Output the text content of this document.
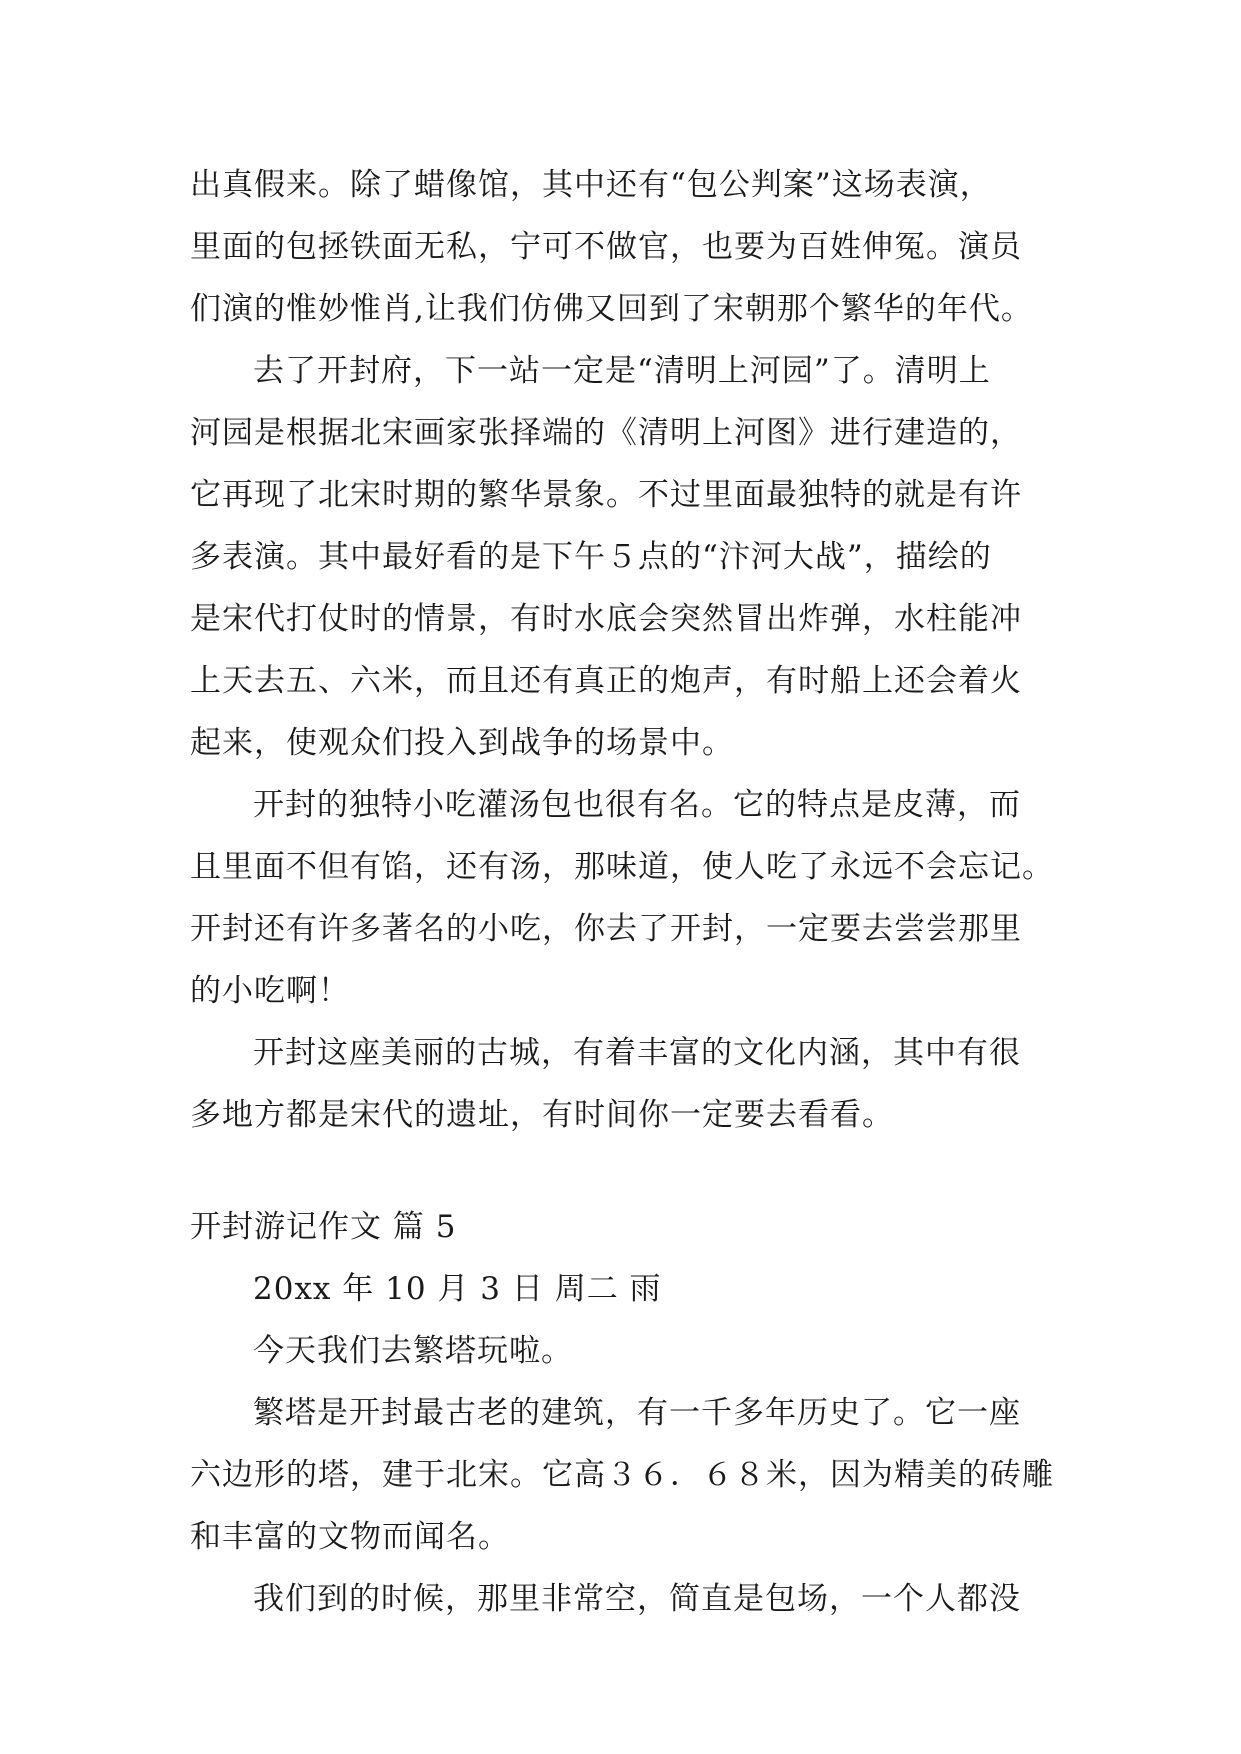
出真假来。除了蜡像馆，其中还有“包公判案”这场表演，
里面的包拯铁面无私，宁可不做官，也要为百姓伸冤。演员
们演的惟妙惟肖,让我们仿佛又回到了宋朝那个繁华的年代。
去了开封府，下一站一定是“清明上河园”了。清明上
河园是根据北宋画家张择端的《清明上河图》进行建造的，
它再现了北宋时期的繁华景象。不过里面最独特的就是有许
多表演。其中最好看的是下午５点的“汴河大战”，描绘的
是宋代打仗时的情景，有时水底会突然冒出炸弹，水柱能冲
上天去五、六米，而且还有真正的炮声，有时船上还会着火
起来，使观众们投入到战争的场景中。
开封的独特小吃灌汤包也很有名。它的特点是皮薄，而
且里面不但有馅，还有汤，那味道，使人吃了永远不会忘记。
开封还有许多著名的小吃，你去了开封，一定要去尝尝那里
的小吃啊！
开封这座美丽的古城，有着丰富的文化内涵，其中有很
多地方都是宋代的遗址，有时间你一定要去看看。
开封游记作文 篇 5
20xx 年 10 月 3 日 周二 雨
今天我们去繁塔玩啦。
繁塔是开封最古老的建筑，有一千多年历史了。它一座
六边形的塔，建于北宋。它高３６．６８米，因为精美的砖雕
和丰富的文物而闻名。
我们到的时候，那里非常空，简直是包场，一个人都没
